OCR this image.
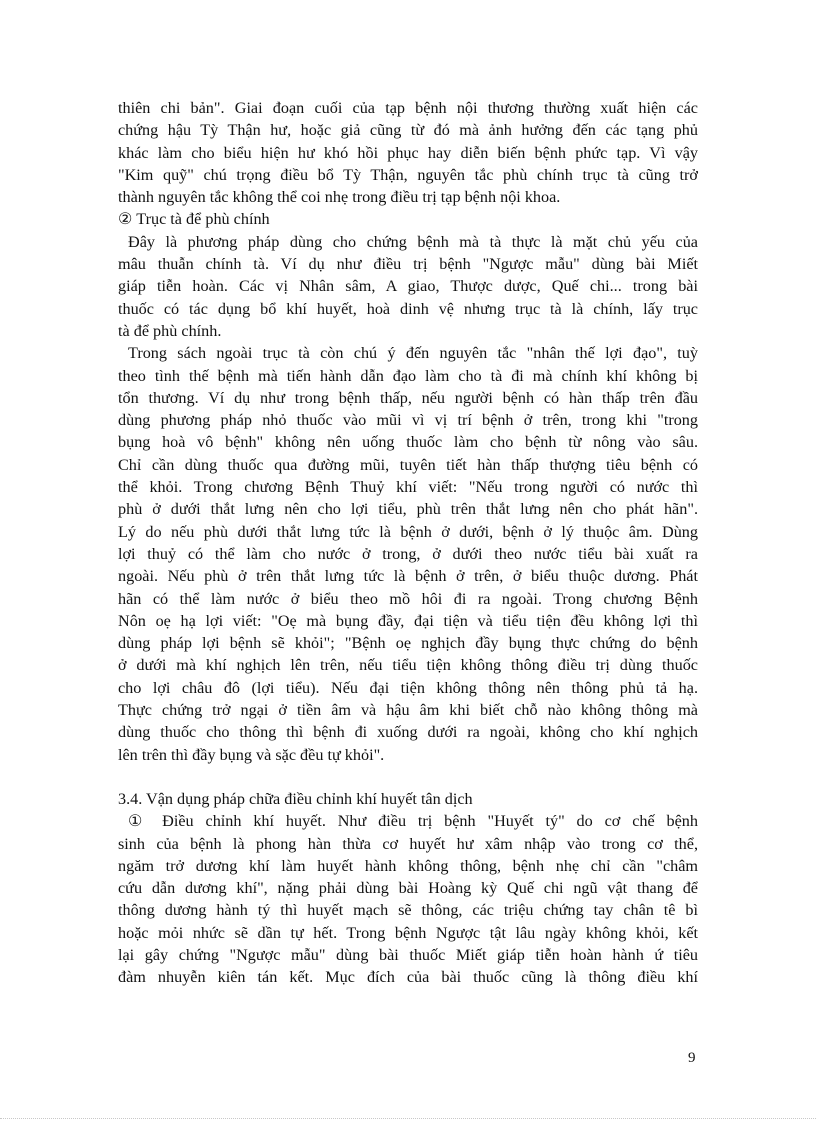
thiên chi bản". Giai đoạn cuối của tạp bệnh nội thương thường xuất hiện các
chứng hậu Tỳ Thận hư, hoặc giả cũng từ đó mà ảnh hưởng đến các tạng phủ
khác làm cho biểu hiện hư khó hồi phục hay diễn biến bệnh phức tạp. Vì vậy
"Kim quỹ" chú trọng điều bổ Tỳ Thận, nguyên tắc phù chính trục tà cũng trở
thành nguyên tắc không thể coi nhẹ trong điều trị tạp bệnh nội khoa.
② Trục tà để phù chính
Đây là phương pháp dùng cho chứng bệnh mà tà thực là mặt chủ yếu của
mâu thuẫn chính tà. Ví dụ như điều trị bệnh "Ngược mẫu" dùng bài Miết
giáp tiễn hoàn. Các vị Nhân sâm, A giao, Thược dược, Quế chi... trong bài
thuốc có tác dụng bổ khí huyết, hoà dinh vệ nhưng trục tà là chính, lấy trục
tà để phù chính.
Trong sách ngoài trục tà còn chú ý đến nguyên tắc "nhân thế lợi đạo", tuỳ
theo tình thế bệnh mà tiến hành dẫn đạo làm cho tà đi mà chính khí không bị
tổn thương. Ví dụ như trong bệnh thấp, nếu người bệnh có hàn thấp trên đầu
dùng phương pháp nhỏ thuốc vào mũi vì vị trí bệnh ở trên, trong khi "trong
bụng hoà vô bệnh" không nên uống thuốc làm cho bệnh từ nông vào sâu.
Chỉ cần dùng thuốc qua đường mũi, tuyên tiết hàn thấp thượng tiêu bệnh có
thể khỏi. Trong chương Bệnh Thuỷ khí viết: "Nếu trong người có nước thì
phù ở dưới thắt lưng nên cho lợi tiểu, phù trên thắt lưng nên cho phát hãn".
Lý do nếu phù dưới thắt lưng tức là bệnh ở dưới, bệnh ở lý thuộc âm. Dùng
lợi thuỷ có thể làm cho nước ở trong, ở dưới theo nước tiểu bài xuất ra
ngoài. Nếu phù ở trên thắt lưng tức là bệnh ở trên, ở biểu thuộc dương. Phát
hãn có thể làm nước ở biểu theo mồ hôi đi ra ngoài. Trong chương Bệnh
Nôn oẹ hạ lợi viết: "Oẹ mà bụng đầy, đại tiện và tiểu tiện đều không lợi thì
dùng pháp lợi bệnh sẽ khỏi"; "Bệnh oẹ nghịch đầy bụng thực chứng do bệnh
ở dưới mà khí nghịch lên trên, nếu tiểu tiện không thông điều trị dùng thuốc
cho lợi châu đô (lợi tiểu). Nếu đại tiện không thông nên thông phủ tả hạ.
Thực chứng trở ngại ở tiền âm và hậu âm khi biết chỗ nào không thông mà
dùng thuốc cho thông thì bệnh đi xuống dưới ra ngoài, không cho khí nghịch
lên trên thì đầy bụng và sặc đều tự khỏi".
3.4. Vận dụng pháp chữa điều chỉnh khí huyết tân dịch
① Điều chỉnh khí huyết. Như điều trị bệnh "Huyết tý" do cơ chế bệnh
sinh của bệnh là phong hàn thừa cơ huyết hư xâm nhập vào trong cơ thể,
ngăm trở dương khí làm huyết hành không thông, bệnh nhẹ chỉ cần "châm
cứu dẫn dương khí", nặng phải dùng bài Hoàng kỳ Quế chi ngũ vật thang để
thông dương hành tý thì huyết mạch sẽ thông, các triệu chứng tay chân tê bì
hoặc mỏi nhức sẽ dần tự hết. Trong bệnh Ngược tật lâu ngày không khỏi, kết
lại gây chứng "Ngược mẫu" dùng bài thuốc Miết giáp tiễn hoàn hành ứ tiêu
đàm nhuyễn kiên tán kết. Mục đích của bài thuốc cũng là thông điều khí
9
